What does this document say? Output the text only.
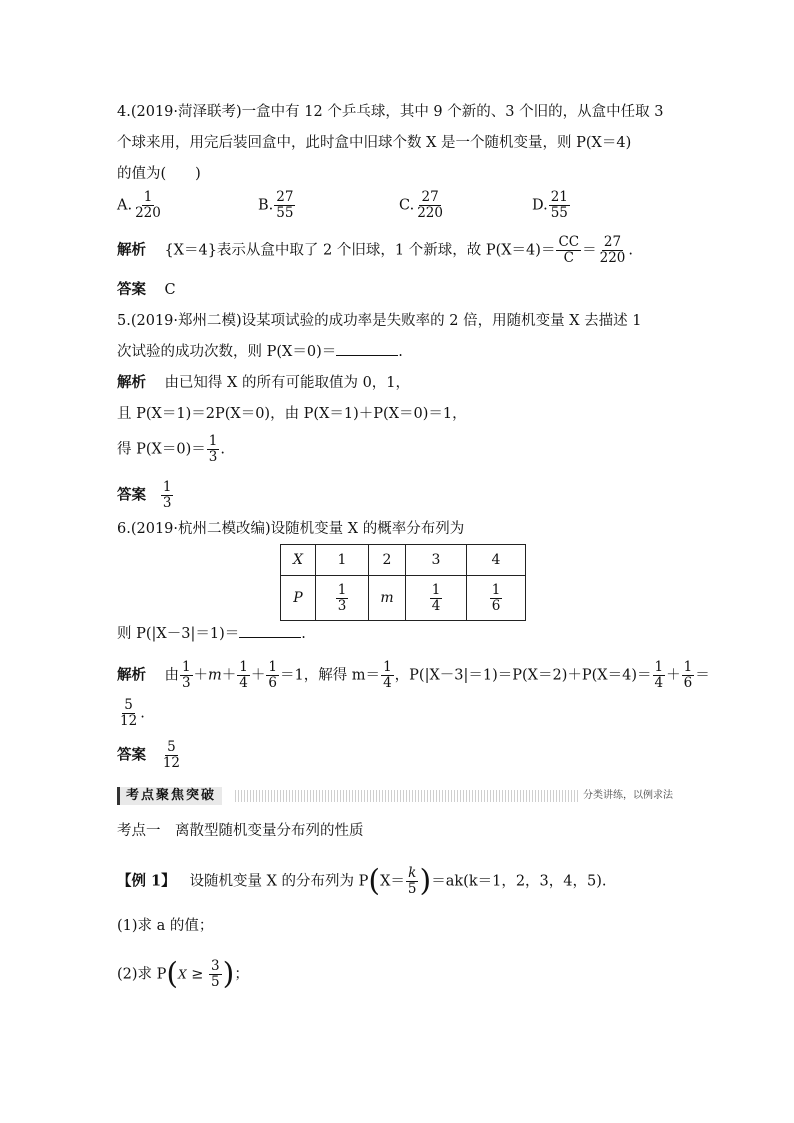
4.(2019·菏泽联考)一盒中有 12 个乒乓球，其中 9 个新的、3 个旧的，从盒中任取 3
个球来用，用完后装回盒中，此时盒中旧球个数 X 是一个随机变量，则 P(X＝4)
的值为(　　)
A. $\frac{1}{220}$	B. $\frac{27}{55}$	C. $\frac{27}{220}$	D. $\frac{21}{55}$
解析 {X＝4}表示从盒中取了 2 个旧球，1 个新球，故 $P(X=4)= \frac{CC}{C} = \frac{27}{220}$ .
答案 C
5.(2019·郑州二模)设某项试验的成功率是失败率的 2 倍，用随机变量 X 去描述 1
次试验的成功次数，则 P(X＝0)＝	.
解析 由已知得 X 的所有可能取值为 0，1，
且 P(X＝1)＝2P(X＝0)，由 P(X＝1)＋P(X＝0)＝1，
得 $P(X=0)= \frac{1}{3}$ .
答案 $\frac{1}{3}$
6.(2019·杭州二模改编)设随机变量 X 的概率分布列为
X	1	2	3	4
P	$\frac{1}{3}$	m	$\frac{1}{4}$	$\frac{1}{6}$
则 P(|X－3|＝1)＝	.
解析 由 $\frac{1}{3} +m+ \frac{1}{4} + \frac{1}{6} =1$，解得 $m= \frac{1}{4}$ ，$P(|X-3|=1)=P(X=2)+P(X=4)= \frac{1}{4} + \frac{1}{6}$ ＝
$\frac{5}{12}$ .
答案 $\frac{5}{12}$
考点聚焦突破	分类讲练，以例求法
考点一　离散型随机变量分布列的性质
【例 1】 设随机变量 X 的分布列为 $P(X= \frac{k}{5} )=ak(k=1$，2，3，4，5).
(1)求 a 的值；
(2)求 $P(X \ge \frac{3}{5}$ )；
